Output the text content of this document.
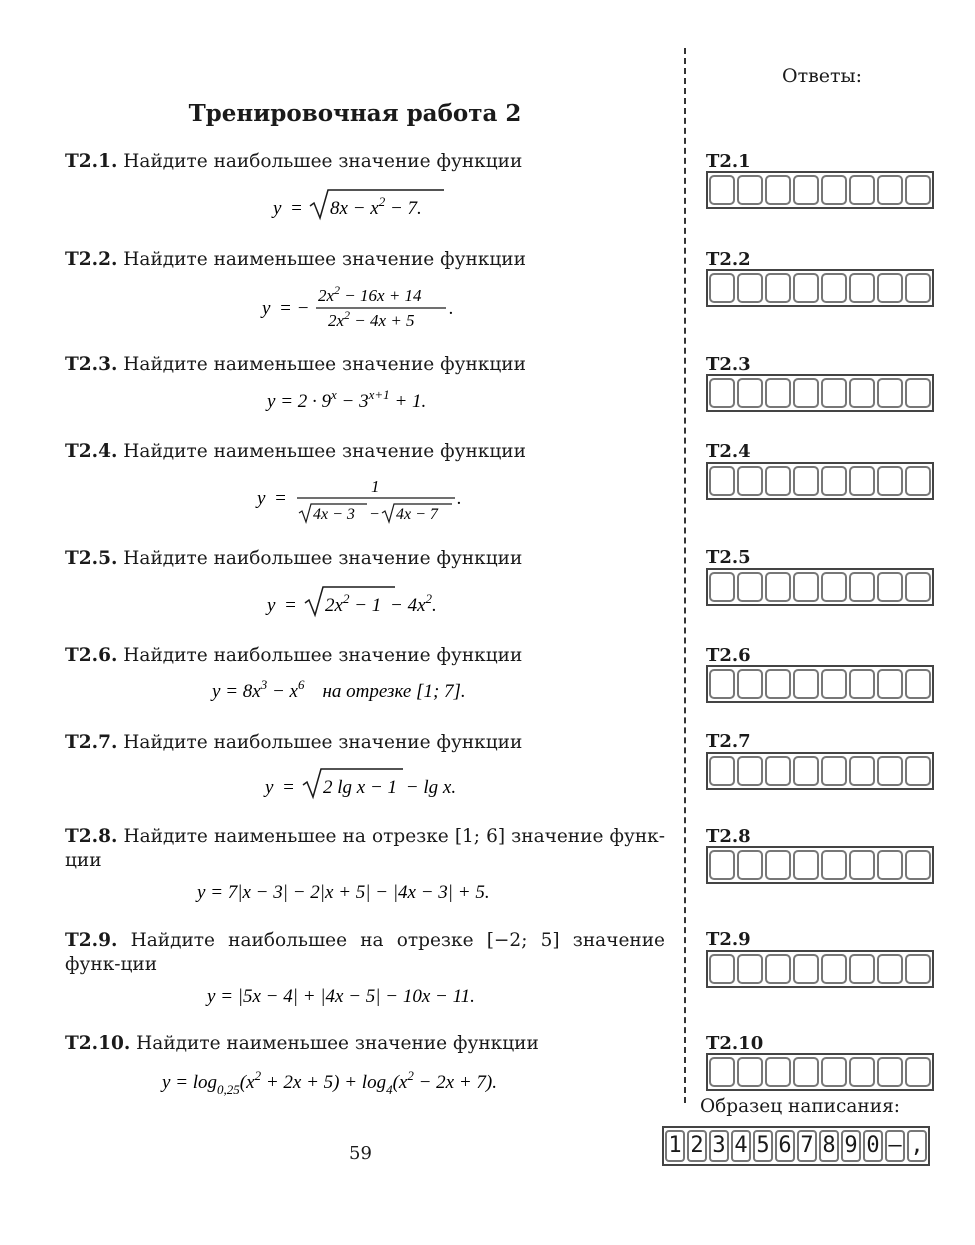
Тренировочная работа 2
Ответы:
T2.1. Найдите наибольшее значение функции
$y = 8x - x^2 - 7$.
T2.2. Найдите наименьшее значение функции
y = −
$2x^2 - 16x + 14$
$2x^2 - 4x + 5$
.
T2.3. Найдите наименьшее значение функции
$y = 2 \cdot 9^x - 3^{x+1} + 1$.
T2.4. Найдите наименьшее значение функции
y =
1
4x − 3 − 4x − 7
.
T2.5. Найдите наибольшее значение функции
$y = 2x^2 - 1 - 4x^2$.
T2.6. Найдите наибольшее значение функции
$y = 8x^3 - x^6$ на отрезке [1; 7].
T2.7. Найдите наибольшее значение функции
y = 2 lg x − 1 − lg x.
T2.8. Найдите наименьшее на отрезке [1; 6] значение функ-ции
y = 7|x − 3| − 2|x + 5| − |4x − 3| + 5.
T2.9. Найдите наибольшее на отрезке [−2; 5] значение функ-ции
y = |5x − 4| + |4x − 5| − 10x − 11.
T2.10. Найдите наименьшее значение функции
$y = \log_{0,25}(x^2 + 2x + 5) + \log_4(x^2 - 2x + 7)$.
T2.1
T2.2
T2.3
T2.4
T2.5
T2.6
T2.7
T2.8
T2.9
T2.10
Образец написания:
1 2 3 4 5 6 7 8 9 0 – ,
59
